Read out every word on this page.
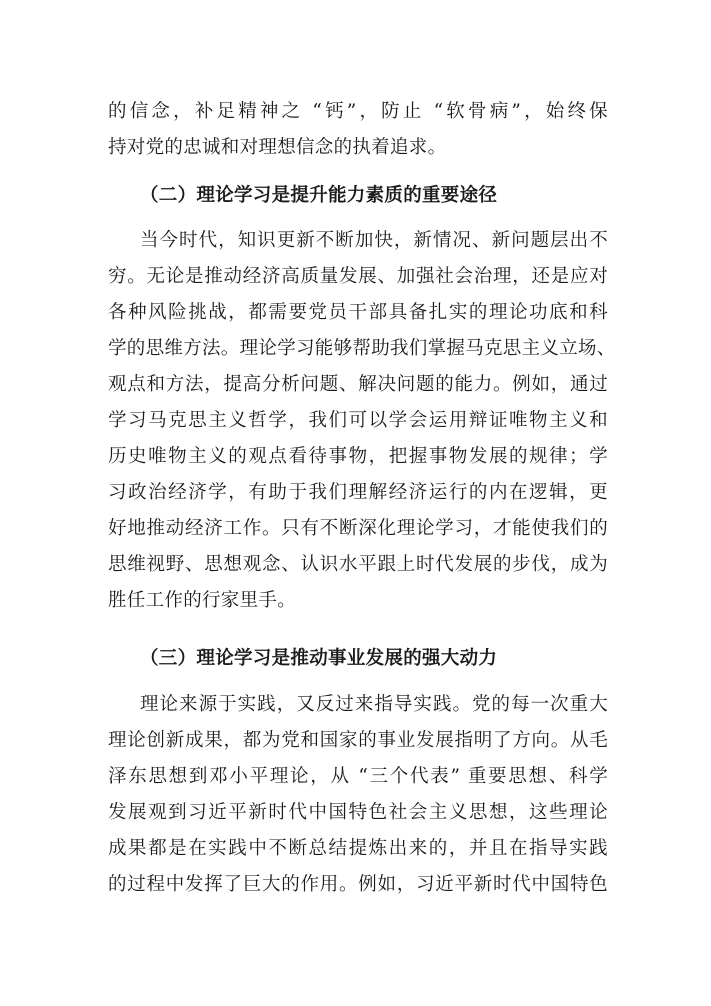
的信念，补足精神之 “钙”，防止 “软骨病”，始终保
持对党的忠诚和对理想信念的执着追求。
（二）理论学习是提升能力素质的重要途径
当今时代，知识更新不断加快，新情况、新问题层出不
穷。无论是推动经济高质量发展、加强社会治理，还是应对
各种风险挑战，都需要党员干部具备扎实的理论功底和科
学的思维方法。理论学习能够帮助我们掌握马克思主义立场、
观点和方法，提高分析问题、解决问题的能力。例如，通过
学习马克思主义哲学，我们可以学会运用辩证唯物主义和
历史唯物主义的观点看待事物，把握事物发展的规律；学
习政治经济学，有助于我们理解经济运行的内在逻辑，更
好地推动经济工作。只有不断深化理论学习，才能使我们的
思维视野、思想观念、认识水平跟上时代发展的步伐，成为
胜任工作的行家里手。
（三）理论学习是推动事业发展的强大动力
理论来源于实践，又反过来指导实践。党的每一次重大
理论创新成果，都为党和国家的事业发展指明了方向。从毛
泽东思想到邓小平理论，从 “三个代表” 重要思想、科学
发展观到习近平新时代中国特色社会主义思想，这些理论
成果都是在实践中不断总结提炼出来的，并且在指导实践
的过程中发挥了巨大的作用。例如，习近平新时代中国特色
